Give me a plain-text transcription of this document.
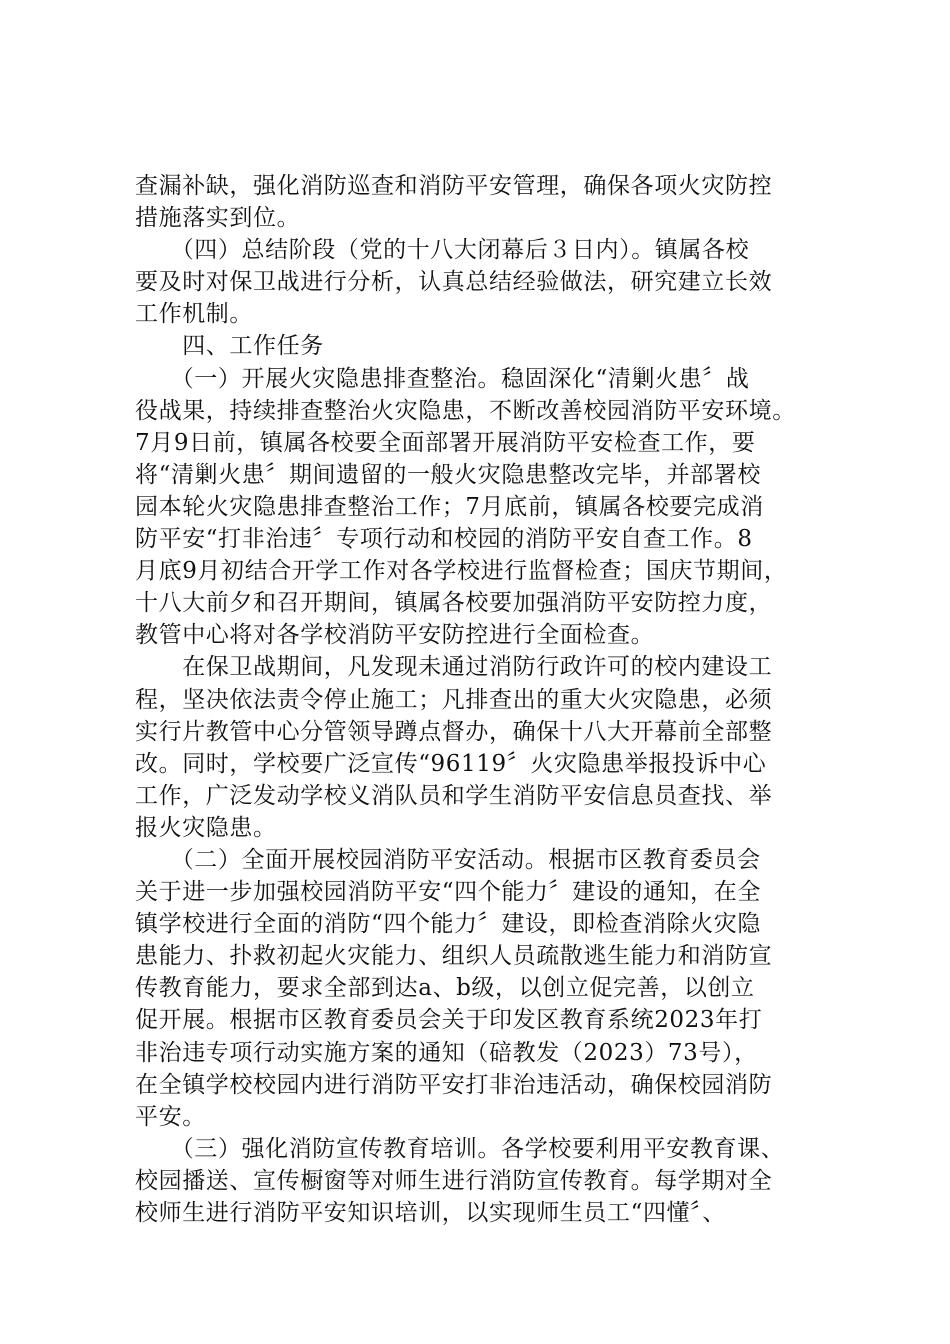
查漏补缺，强化消防巡查和消防平安管理，确保各项火灾防控
措施落实到位。
　　（四）总结阶段（党的十八大闭幕后３日内）。镇属各校
要及时对保卫战进行分析，认真总结经验做法，研究建立长效
工作机制。
　　四、工作任务
　　（一）开展火灾隐患排查整治。稳固深化“清剿火患〞战
役战果，持续排查整治火灾隐患，不断改善校园消防平安环境。
7月9日前，镇属各校要全面部署开展消防平安检查工作，要
将“清剿火患〞期间遗留的一般火灾隐患整改完毕，并部署校
园本轮火灾隐患排查整治工作；7月底前，镇属各校要完成消
防平安“打非治违〞专项行动和校园的消防平安自查工作。8
月底9月初结合开学工作对各学校进行监督检查；国庆节期间，
十八大前夕和召开期间，镇属各校要加强消防平安防控力度，
教管中心将对各学校消防平安防控进行全面检查。
　　在保卫战期间，凡发现未通过消防行政许可的校内建设工
程，坚决依法责令停止施工；凡排查出的重大火灾隐患，必须
实行片教管中心分管领导蹲点督办，确保十八大开幕前全部整
改。同时，学校要广泛宣传“96119〞火灾隐患举报投诉中心
工作，广泛发动学校义消队员和学生消防平安信息员查找、举
报火灾隐患。
　　（二）全面开展校园消防平安活动。根据市区教育委员会
关于进一步加强校园消防平安“四个能力〞建设的通知，在全
镇学校进行全面的消防“四个能力〞建设，即检查消除火灾隐
患能力、扑救初起火灾能力、组织人员疏散逃生能力和消防宣
传教育能力，要求全部到达a、b级，以创立促完善，以创立
促开展。根据市区教育委员会关于印发区教育系统2023年打
非治违专项行动实施方案的通知（碚教发（2023）73号），
在全镇学校校园内进行消防平安打非治违活动，确保校园消防
平安。
　　（三）强化消防宣传教育培训。各学校要利用平安教育课、
校园播送、宣传橱窗等对师生进行消防宣传教育。每学期对全
校师生进行消防平安知识培训，以实现师生员工“四懂〞、
